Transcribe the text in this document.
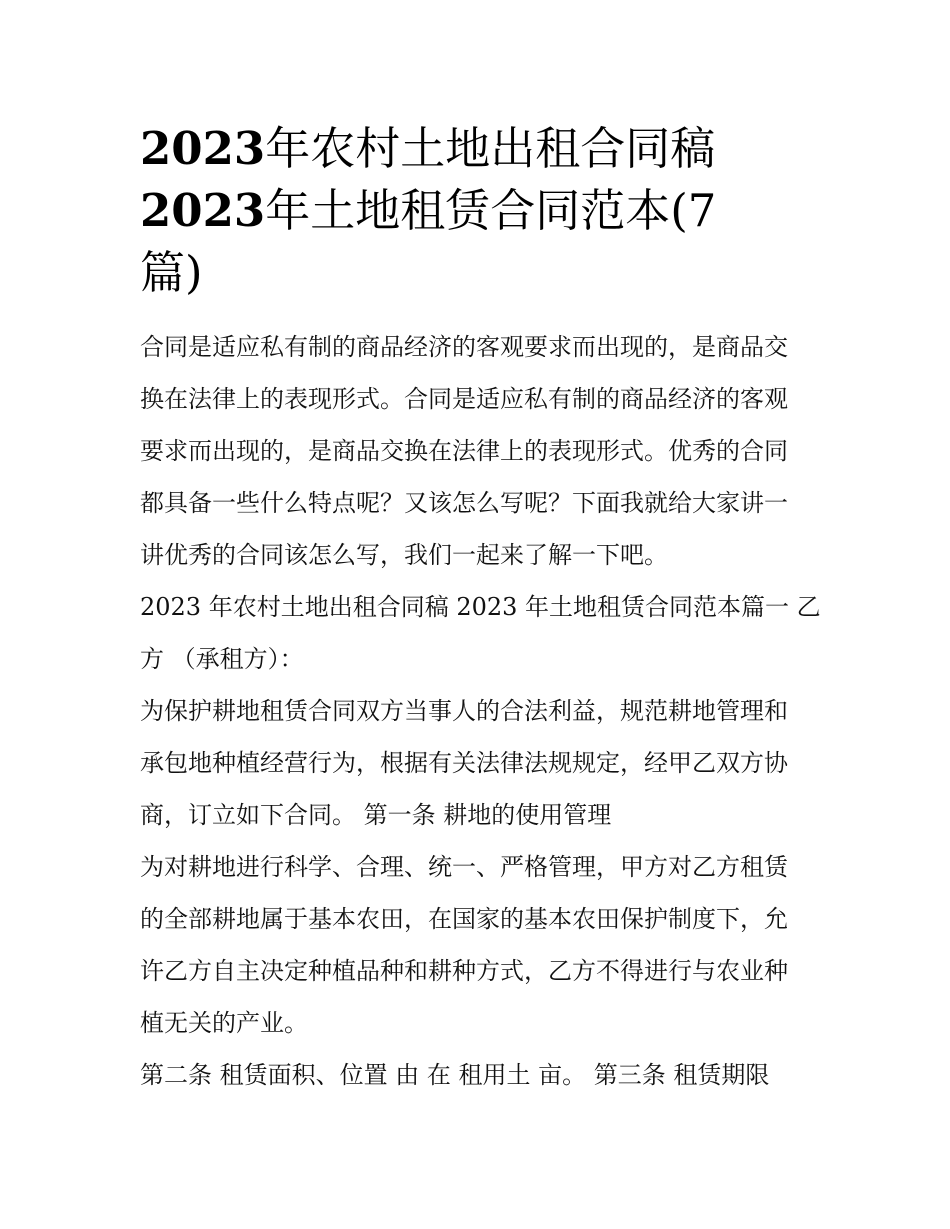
2023年农村土地出租合同稿
2023年土地租赁合同范本(7
篇)

合同是适应私有制的商品经济的客观要求而出现的，是商品交
换在法律上的表现形式。合同是适应私有制的商品经济的客观
要求而出现的，是商品交换在法律上的表现形式。优秀的合同
都具备一些什么特点呢？又该怎么写呢？下面我就给大家讲一
讲优秀的合同该怎么写，我们一起来了解一下吧。

2023 年农村土地出租合同稿 2023 年土地租赁合同范本篇一 乙
方 （承租方）：

为保护耕地租赁合同双方当事人的合法利益，规范耕地管理和
承包地种植经营行为，根据有关法律法规规定，经甲乙双方协
商，订立如下合同。 第一条 耕地的使用管理

为对耕地进行科学、合理、统一、严格管理，甲方对乙方租赁
的全部耕地属于基本农田，在国家的基本农田保护制度下，允
许乙方自主决定种植品种和耕种方式，乙方不得进行与农业种
植无关的产业。

第二条 租赁面积、位置 由 在 租用土 亩。 第三条 租赁期限
